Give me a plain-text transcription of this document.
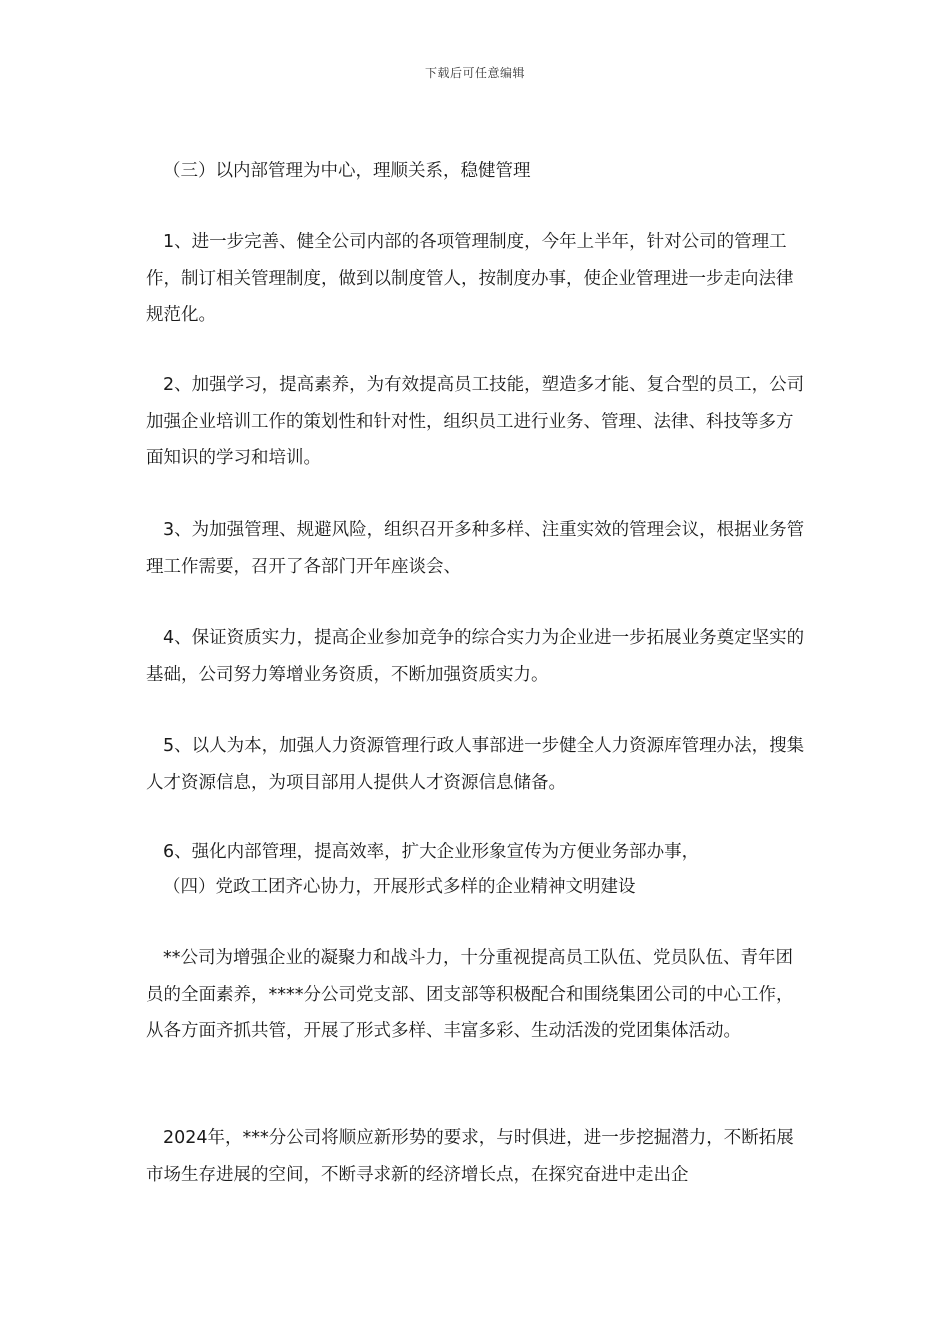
下载后可任意编辑

（三）以内部管理为中心，理顺关系，稳健管理

1、进一步完善、健全公司内部的各项管理制度，今年上半年，针对公司的管理工作，制订相关管理制度，做到以制度管人，按制度办事，使企业管理进一步走向法律规范化。

2、加强学习，提高素养，为有效提高员工技能，塑造多才能、复合型的员工，公司加强企业培训工作的策划性和针对性，组织员工进行业务、管理、法律、科技等多方面知识的学习和培训。

3、为加强管理、规避风险，组织召开多种多样、注重实效的管理会议，根据业务管理工作需要，召开了各部门开年座谈会、

4、保证资质实力，提高企业参加竞争的综合实力为企业进一步拓展业务奠定坚实的基础，公司努力筹增业务资质，不断加强资质实力。

5、以人为本，加强人力资源管理行政人事部进一步健全人力资源库管理办法，搜集人才资源信息，为项目部用人提供人才资源信息储备。

6、强化内部管理，提高效率，扩大企业形象宣传为方便业务部办事，

（四）党政工团齐心协力，开展形式多样的企业精神文明建设

**公司为增强企业的凝聚力和战斗力，十分重视提高员工队伍、党员队伍、青年团员的全面素养，****分公司党支部、团支部等积极配合和围绕集团公司的中心工作，从各方面齐抓共管，开展了形式多样、丰富多彩、生动活泼的党团集体活动。

2024年，***分公司将顺应新形势的要求，与时俱进，进一步挖掘潜力，不断拓展市场生存进展的空间，不断寻求新的经济增长点，在探究奋进中走出企
